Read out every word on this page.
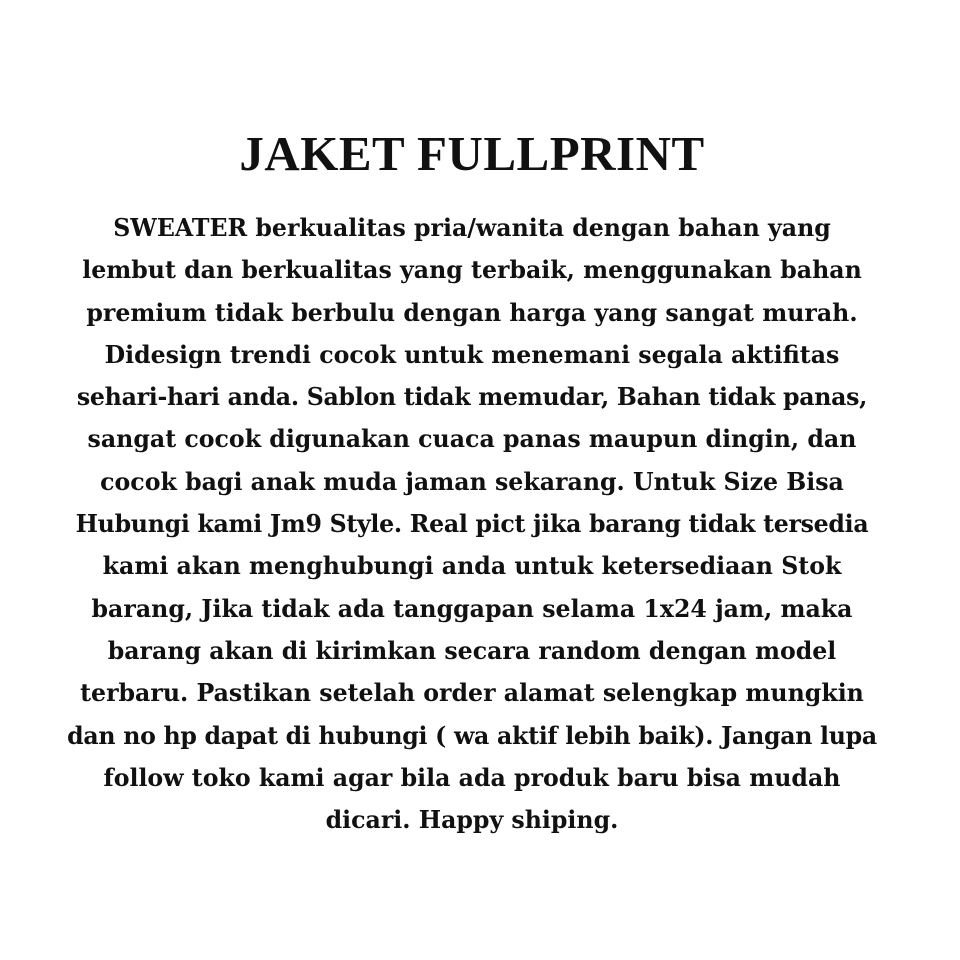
JAKET FULLPRINT
SWEATER berkualitas pria/wanita dengan bahan yang
lembut dan berkualitas yang terbaik, menggunakan bahan
premium tidak berbulu dengan harga yang sangat murah.
Didesign trendi cocok untuk menemani segala aktifitas
sehari-hari anda. Sablon tidak memudar, Bahan tidak panas,
sangat cocok digunakan cuaca panas maupun dingin, dan
cocok bagi anak muda jaman sekarang. Untuk Size Bisa
Hubungi kami Jm9 Style. Real pict jika barang tidak tersedia
kami akan menghubungi anda untuk ketersediaan Stok
barang, Jika tidak ada tanggapan selama 1x24 jam, maka
barang akan di kirimkan secara random dengan model
terbaru. Pastikan setelah order alamat selengkap mungkin
dan no hp dapat di hubungi ( wa aktif lebih baik). Jangan lupa
follow toko kami agar bila ada produk baru bisa mudah
dicari. Happy shiping.
